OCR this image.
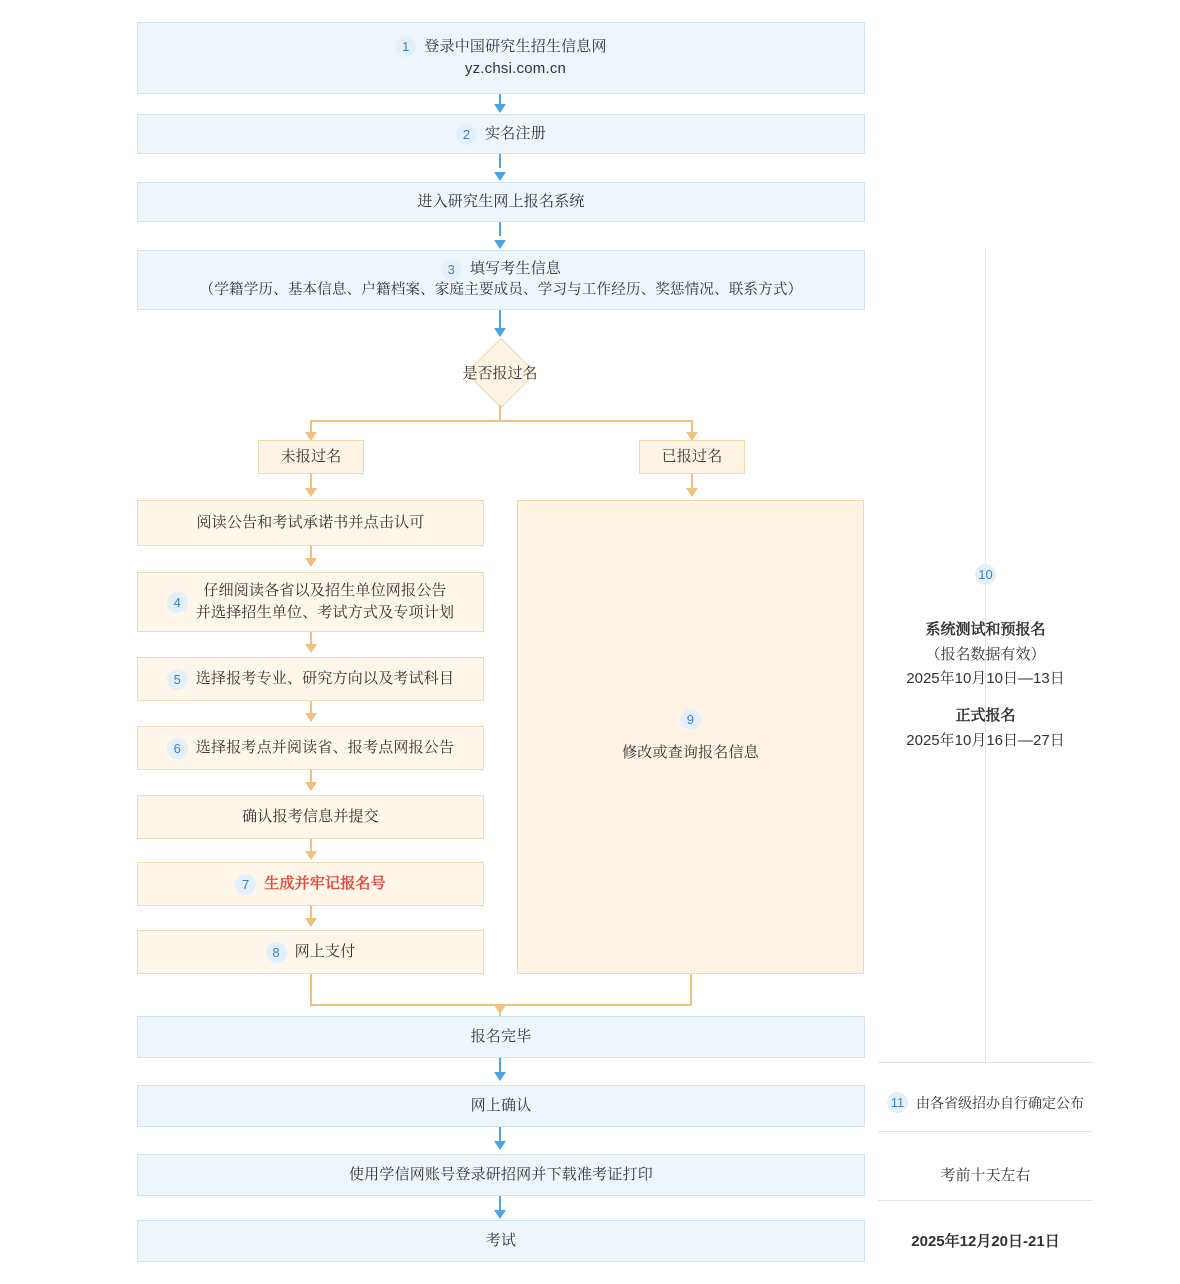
1 登录中国研究生招生信息网
yz.chsi.com.cn
2 实名注册
进入研究生网上报名系统
3 填写考生信息
（学籍学历、基本信息、户籍档案、家庭主要成员、学习与工作经历、奖惩情况、联系方式）
是否报过名
未报过名	已报过名
阅读公告和考试承诺书并点击认可
4
仔细阅读各省以及招生单位网报公告
并选择招生单位、考试方式及专项计划
5 选择报考专业、研究方向以及考试科目
6 选择报考点并阅读省、报考点网报公告
确认报考信息并提交
7 生成并牢记报名号
8 网上支付
9
修改或查询报名信息
报名完毕
网上确认
使用学信网账号登录研招网并下载准考证打印
考试
10
系统测试和预报名
（报名数据有效）
2025年10月10日—13日
正式报名
2025年10月16日—27日
11 由各省级招办自行确定公布
考前十天左右
2025年12月20日-21日
